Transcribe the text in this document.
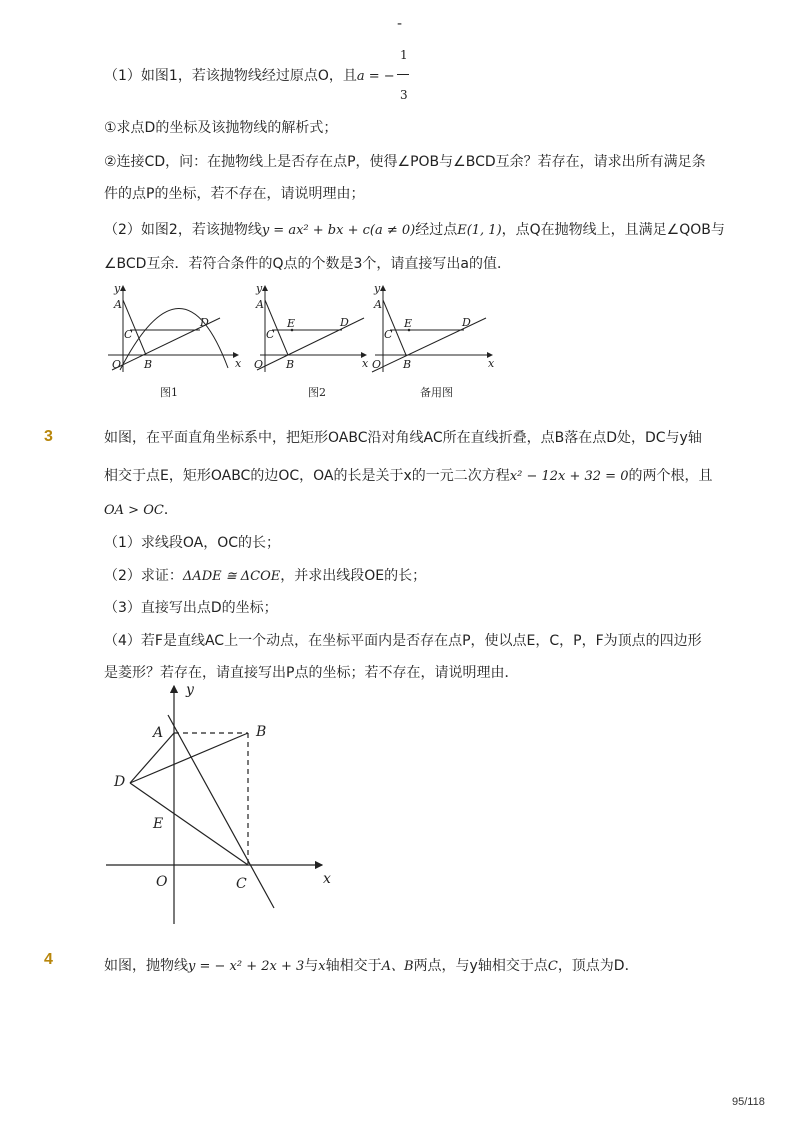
-
（1）如图1，若该抛物线经过原点O，且a = −
1
3
①求点D的坐标及该抛物线的解析式；
②连接CD，问：在抛物线上是否存在点P，使得∠POB与∠BCD互余？若存在，请求出所有满足条
件的点P的坐标，若不存在，请说明理由；
（2）如图2，若该抛物线y = ax² + bx + c(a ≠ 0)经过点E(1, 1)，点Q在抛物线上，且满足∠QOB与
∠BCD互余．若符合条件的Q点的个数是3个，请直接写出a的值．
y
A
C
D
O B	x
图1
y
A
C
E	D
O B	x
图2
y
A
C
E	D
O B	x
备用图
3	如图，在平面直角坐标系中，把矩形OABC沿对角线AC所在直线折叠，点B落在点D处，DC与y轴
相交于点E，矩形OABC的边OC，OA的长是关于x的一元二次方程x² − 12x + 32 = 0的两个根，且
OA > OC．
（1）求线段OA，OC的长；
（2）求证：ΔADE ≅ ΔCOE，并求出线段OE的长；
（3）直接写出点D的坐标；
（4）若F是直线AC上一个动点，在坐标平面内是否存在点P，使以点E，C，P，F为顶点的四边形
是菱形？若存在，请直接写出P点的坐标；若不存在，请说明理由．
y
A	B
D
E
O	C	x
4	如图，抛物线y = − x² + 2x + 3与x轴相交于A、B两点，与y轴相交于点C，顶点为D．
95/118
